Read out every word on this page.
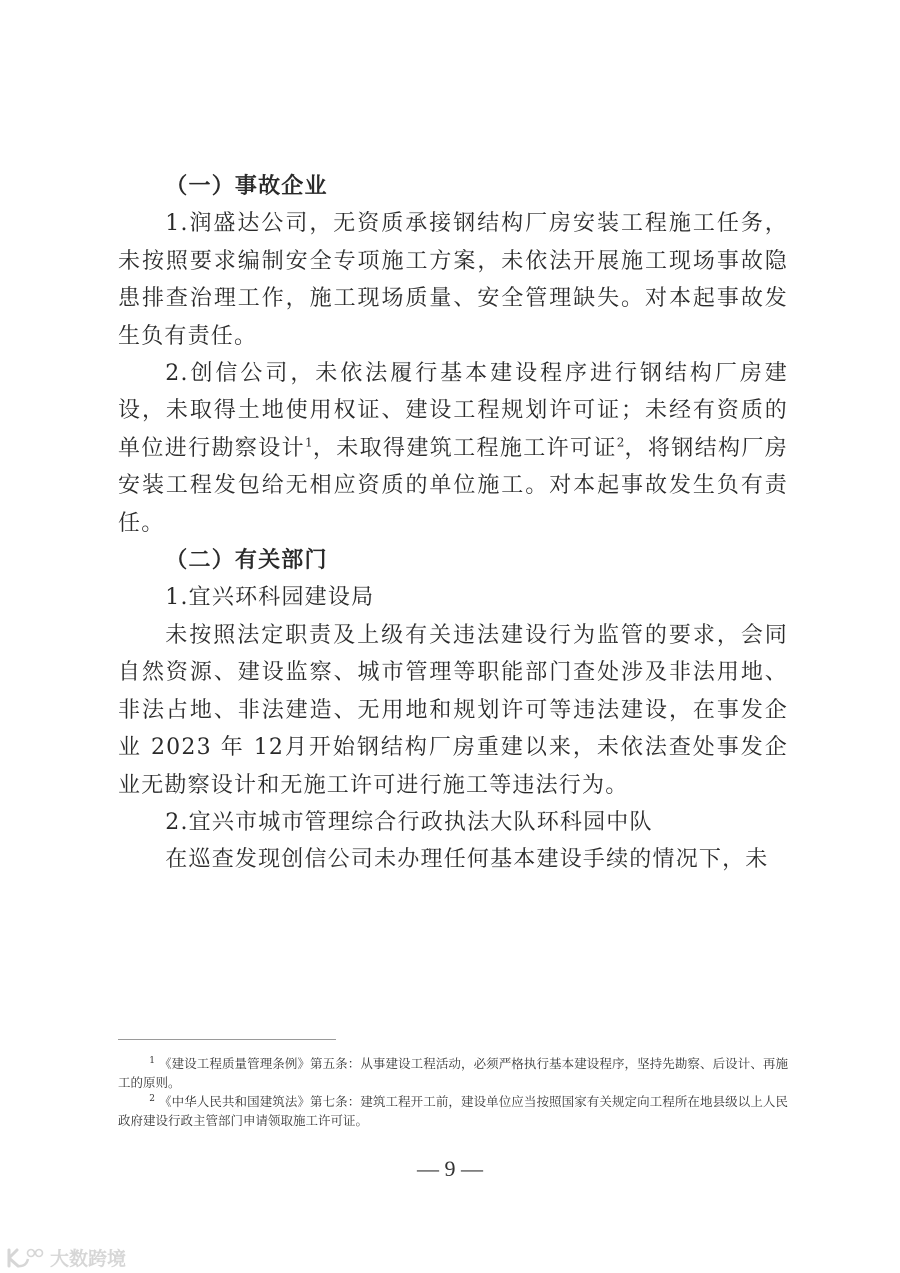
（一）事故企业

1.润盛达公司，无资质承接钢结构厂房安装工程施工任务，未按照要求编制安全专项施工方案，未依法开展施工现场事故隐患排查治理工作，施工现场质量、安全管理缺失。对本起事故发生负有责任。

2.创信公司，未依法履行基本建设程序进行钢结构厂房建设，未取得土地使用权证、建设工程规划许可证；未经有资质的单位进行勘察设计$^1$，未取得建筑工程施工许可证$^2$，将钢结构厂房安装工程发包给无相应资质的单位施工。对本起事故发生负有责任。

（二）有关部门

1.宜兴环科园建设局

未按照法定职责及上级有关违法建设行为监管的要求，会同自然资源、建设监察、城市管理等职能部门查处涉及非法用地、非法占地、非法建造、无用地和规划许可等违法建设，在事发企业 2023 年 12月开始钢结构厂房重建以来，未依法查处事发企业无勘察设计和无施工许可进行施工等违法行为。

2.宜兴市城市管理综合行政执法大队环科园中队

在巡查发现创信公司未办理任何基本建设手续的情况下，未

$^1$ 《建设工程质量管理条例》第五条：从事建设工程活动，必须严格执行基本建设程序，坚持先勘察、后设计、再施工的原则。

$^2$ 《中华人民共和国建筑法》第七条：建筑工程开工前，建设单位应当按照国家有关规定向工程所在地县级以上人民政府建设行政主管部门申请领取施工许可证。

— 9 —
大数跨境
